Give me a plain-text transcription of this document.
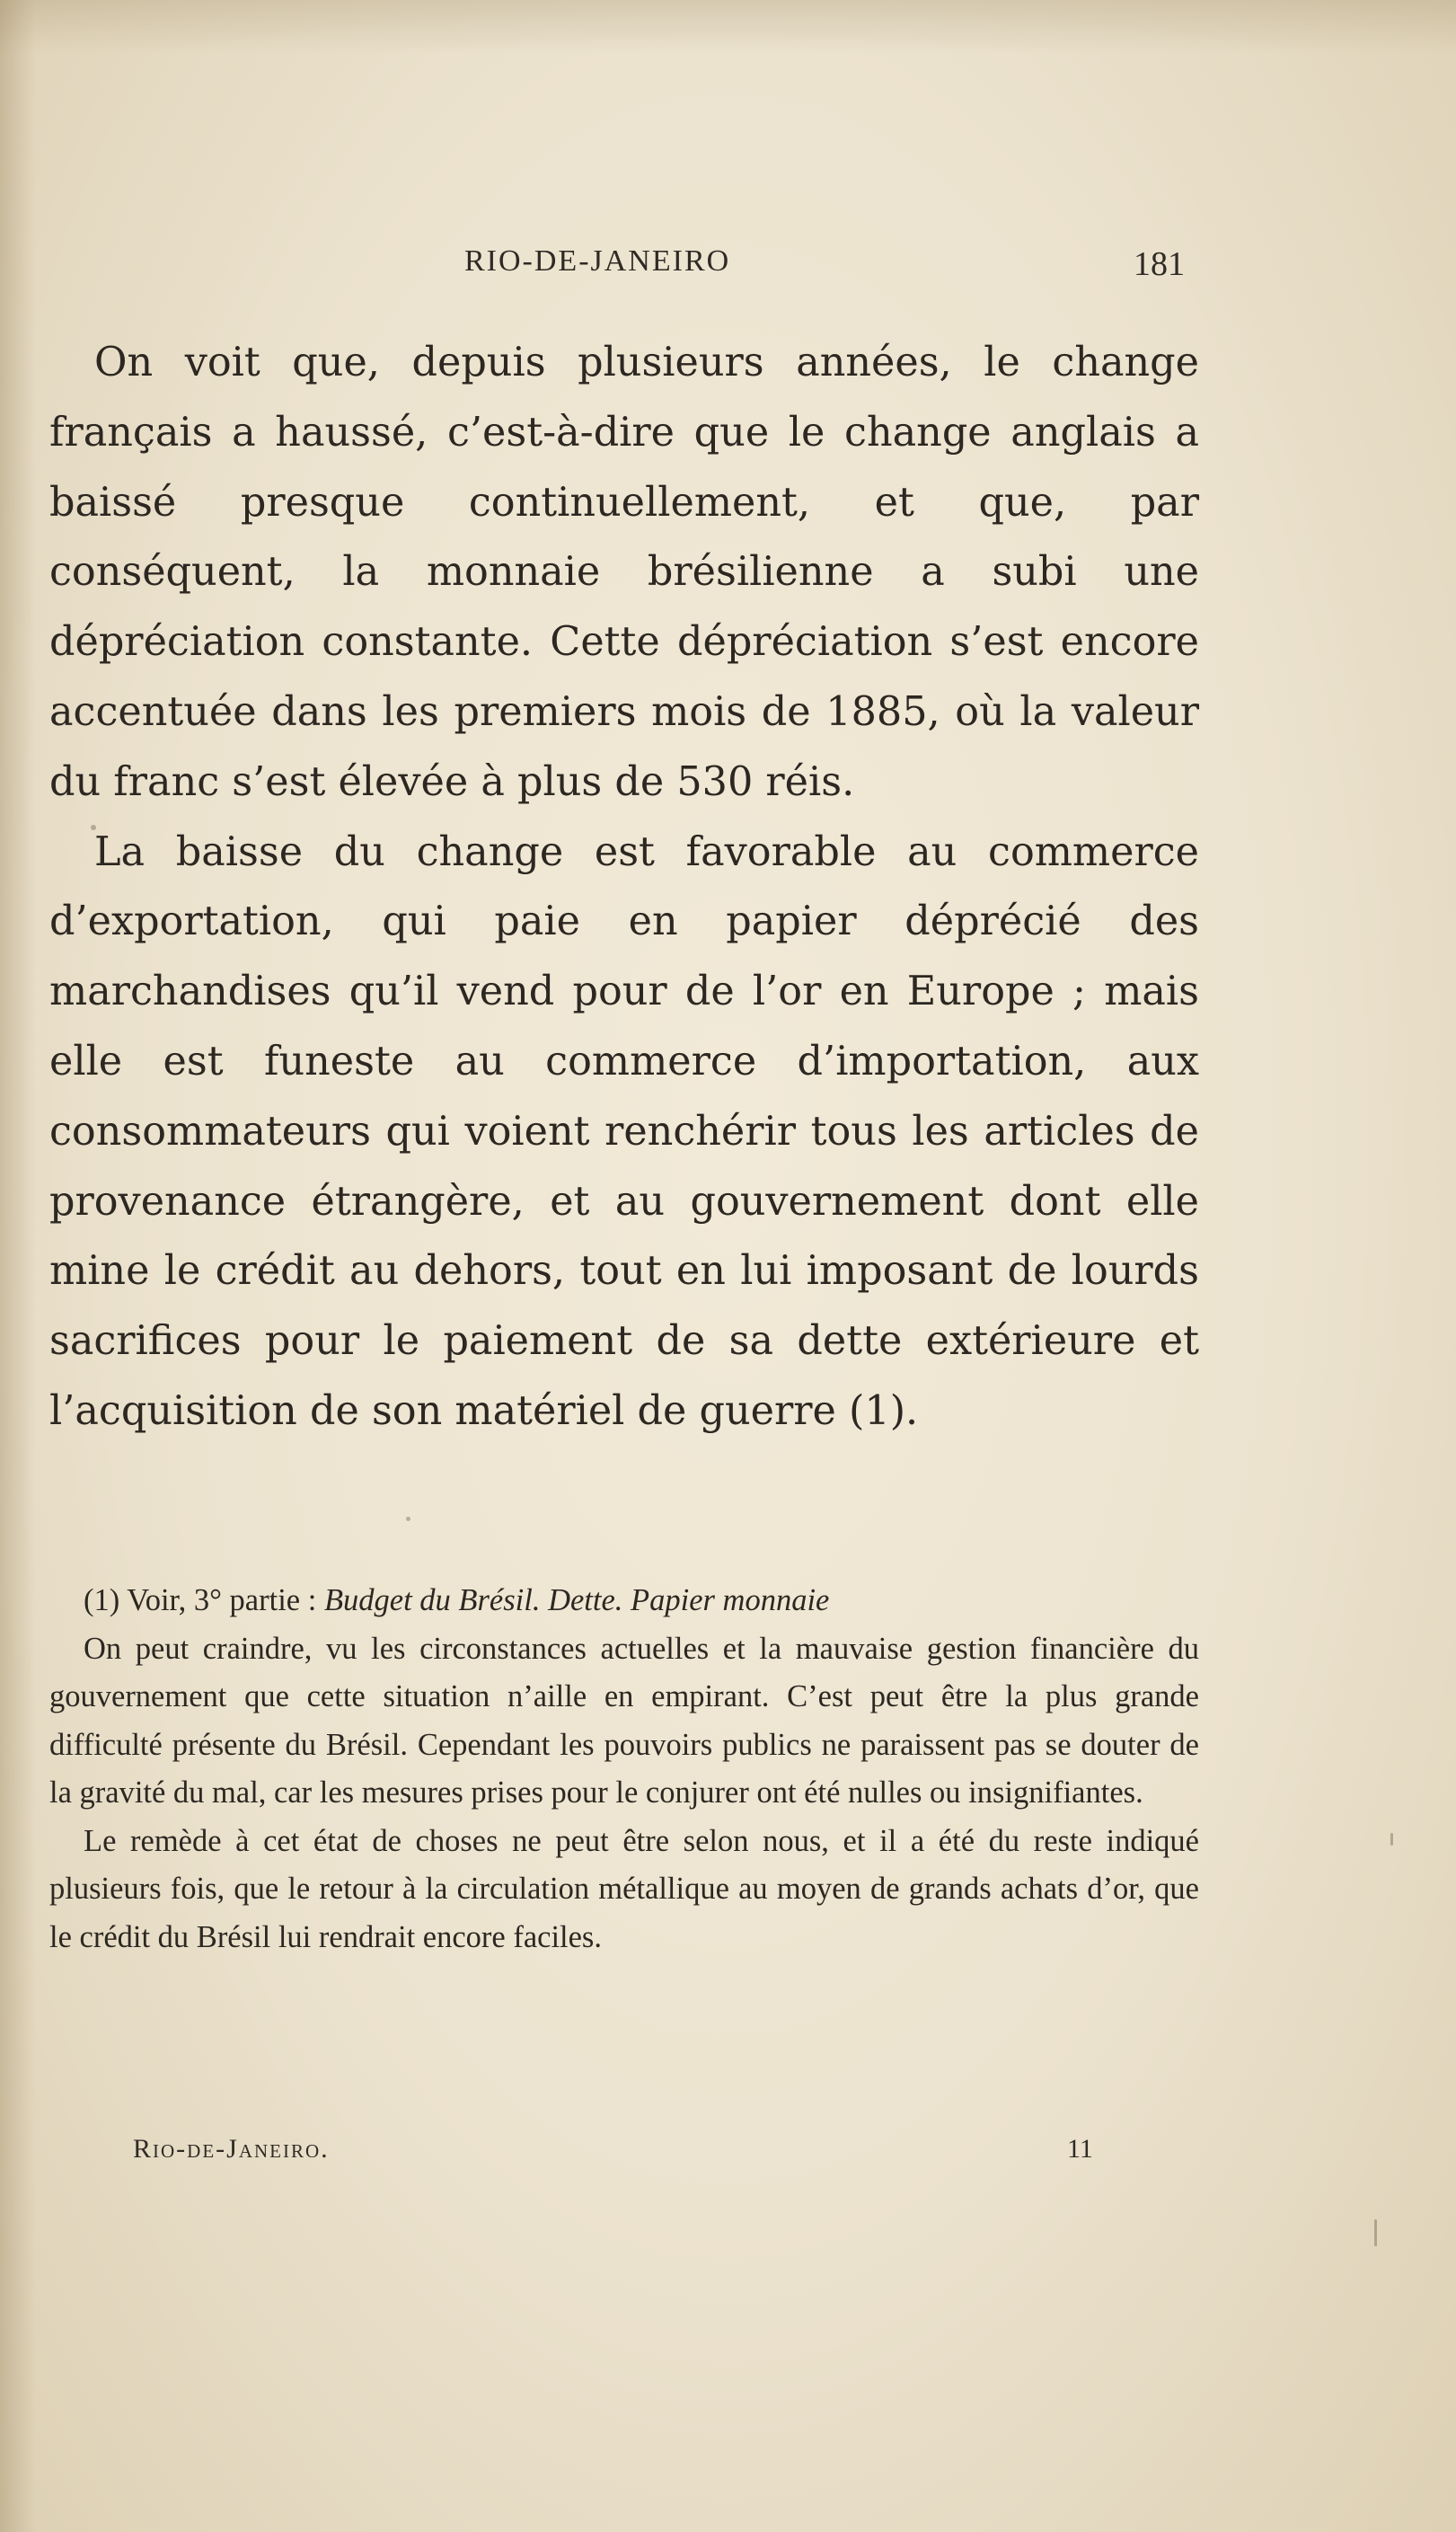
RIO-DE-JANEIRO	181

On voit que, depuis plusieurs années, le change français a haussé, c’est-à-dire que le change anglais a baissé presque continuellement, et que, par conséquent, la monnaie brésilienne a subi une dépréciation constante. Cette dépréciation s’est encore accentuée dans les premiers mois de 1885, où la valeur du franc s’est élevée à plus de 530 réis.

La baisse du change est favorable au commerce d’exportation, qui paie en papier déprécié des marchandises qu’il vend pour de l’or en Europe ; mais elle est funeste au commerce d’importation, aux consommateurs qui voient renchérir tous les articles de provenance étrangère, et au gouvernement dont elle mine le crédit au dehors, tout en lui imposant de lourds sacrifices pour le paiement de sa dette extérieure et l’acquisition de son matériel de guerre (1).

(1) Voir, 3° partie : Budget du Brésil. Dette. Papier monnaie

On peut craindre, vu les circonstances actuelles et la mauvaise gestion financière du gouvernement que cette situation n’aille en empirant. C’est peut être la plus grande difficulté présente du Brésil. Cependant les pouvoirs publics ne paraissent pas se douter de la gravité du mal, car les mesures prises pour le conjurer ont été nulles ou insignifiantes.

Le remède à cet état de choses ne peut être selon nous, et il a été du reste indiqué plusieurs fois, que le retour à la circulation métallique au moyen de grands achats d’or, que le crédit du Brésil lui rendrait encore faciles.

Rio-de-Janeiro.	11
